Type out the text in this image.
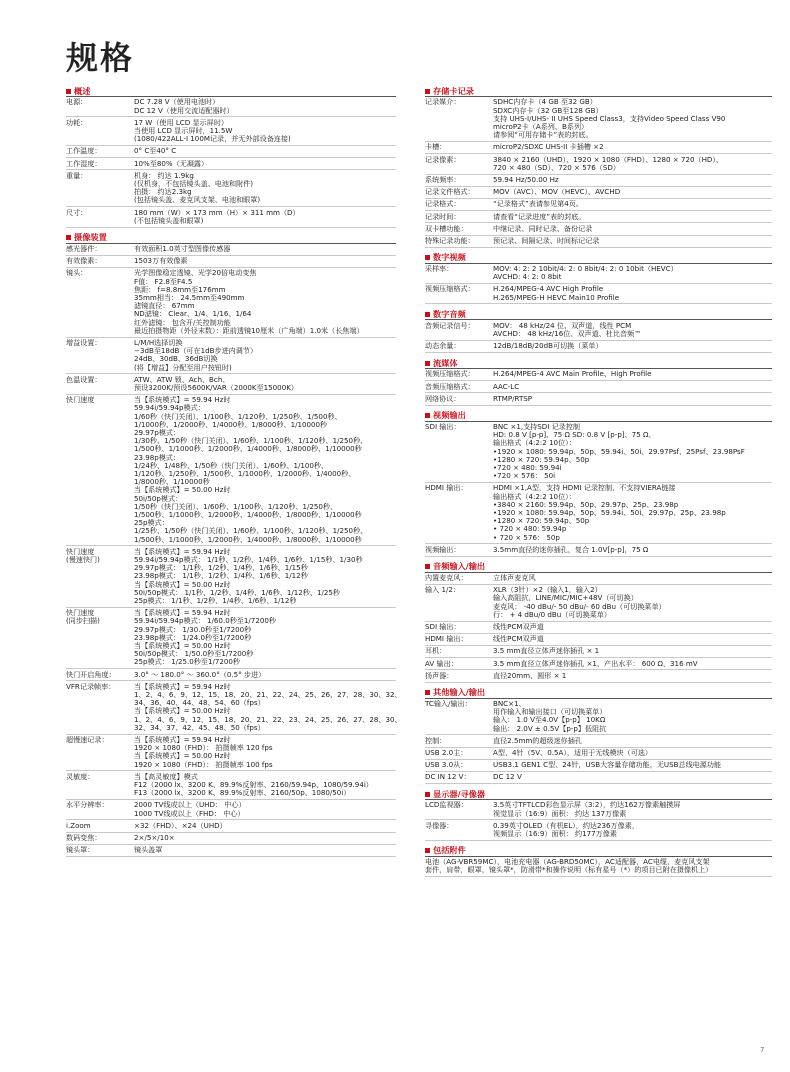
规格
概述
电源：	DC 7.28 V（使用电池时）
DC 12 V（使用交流适配器时）
功耗：	17 W（使用 LCD 显示屏时）
当使用 LCD 显示屏时，11.5W
(1080/422ALL-I 100M记录，并无外部设备连接)
工作温度：	0° C至40° C
工作湿度：	10%至80%（无凝露）
重量：	机身： 约达 1.9kg
(仅机身，不包括镜头盖、电池和附件)
拍摄： 约达2.3kg
(包括镜头盖、麦克风支架、电池和眼罩)
尺寸：	180 mm（W）× 173 mm（H）× 311 mm（D）
(不包括镜头盖和眼罩)
摄像装置
感光器件：	有效面积1.0英寸型图像传感器
有效像素：	1503万有效像素
镜头：	光学图像稳定透镜、光学20倍电动变焦
F值： F2.8至F4.5
焦距： f=8.8mm至176mm
35mm相当： 24.5mm至490mm
滤镜直径： 67mm
ND滤镜： Clear、1/4、1/16、1/64
红外滤镜： 包含开/关控制功能
最近拍摄物距（外径末数）：距前透镜10厘米（广角端）1.0米（长焦端）
增益设置：	L/M/H选择切换
−3dB至18dB（可在1dB步进内调节）
24dB、30dB、36dB切换
(将【增益】分配至用户按钮时)
色温设置：	ATW、ATW 锁、Ach、Bch、
预设3200K/预设5600K/VAR（2000K至15000K）
快门速度	当【系统模式】= 59.94 Hz时
59.94i/59.94p模式：
1/60秒（快门关闭）、1/100秒、1/120秒、1/250秒、1/500秒、
1/1000秒、1/2000秒、1/4000秒、1/8000秒、1/10000秒
29.97p模式：
1/30秒、1/50秒（快门关闭）、1/60秒、1/100秒、1/120秒、1/250秒、
1/500秒、1/1000秒、1/2000秒、1/4000秒、1/8000秒、1/10000秒
23.98p模式：
1/24秒、1/48秒、1/50秒（快门关闭）、1/60秒、1/100秒、
1/120秒、1/250秒、1/500秒、1/1000秒、1/2000秒、1/4000秒、
1/8000秒、1/10000秒
当【系统模式】= 50.00 Hz时
50i/50p模式：
1/50秒（快门关闭）、1/60秒、1/100秒、1/120秒、1/250秒、
1/500秒、1/1000秒、1/2000秒、1/4000秒、1/8000秒、1/10000秒
25p模式：
1/25秒、1/50秒（快门关闭）、1/60秒、1/100秒、1/120秒、1/250秒、
1/500秒、1/1000秒、1/2000秒、1/4000秒、1/8000秒、1/10000秒
快门速度
(慢速快门)
当【系统模式】= 59.94 Hz时
59.94i/59.94p模式： 1/1秒、1/2秒、1/4秒、1/6秒、1/15秒、1/30秒
29.97p模式： 1/1秒、1/2秒、1/4秒、1/6秒、1/15秒
23.98p模式： 1/1秒、1/2秒、1/4秒、1/6秒、1/12秒
当【系统模式】= 50.00 Hz时
50i/50p模式： 1/1秒、1/2秒、1/4秒、1/6秒、1/12秒、1/25秒
25p模式： 1/1秒、1/2秒、1/4秒、1/6秒、1/12秒
快门速度
(同步扫描)
当【系统模式】= 59.94 Hz时
59.94i/59.94p模式： 1/60.0秒至1/7200秒
29.97p模式： 1/30.0秒至1/7200秒
23.98p模式： 1/24.0秒至1/7200秒
当【系统模式】= 50.00 Hz时
50i/50p模式： 1/50.0秒至1/7200秒
25p模式： 1/25.0秒至1/7200秒
快门开启角度：	3.0° ～ 180.0° ～ 360.0°（0.5° 步进）
VFR记录帧率：	当【系统模式】= 59.94 Hz时
1、2、4、6、9、12、15、18、20、21、22、24、25、26、27、28、30、32、
34、36、40、44、48、54、60（fps）
当【系统模式】= 50.00 Hz时
1、2、4、6、9、12、15、18、20、21、22、23、24、25、26、27、28、30、
32、34、37、42、45、48、50（fps）
超慢速记录：	当【系统模式】= 59.94 Hz时
1920 × 1080（FHD）： 拍摄帧率 120 fps
当【系统模式】= 50.00 Hz时
1920 × 1080（FHD）： 拍摄帧率 100 fps
灵敏度：	当【高灵敏度】模式
F12（2000 lx、3200 K、89.9%反射率、2160/59.94p、1080/59.94i）
F13（2000 lx、3200 K、89.9%反射率、2160/50p、1080/50i）
水平分辨率：	2000 TV线或以上（UHD： 中心）
1000 TV线或以上（FHD： 中心）
i.Zoom	×32（FHD）、×24（UHD）
数码变焦：	2×/5×/10×
镜头罩：	镜头盖罩
存储卡记录
记录媒介：	SDHC内存卡（4 GB 至32 GB）
SDXC内存卡（32 GB至128 GB）
支持 UHS-I/UHS- II UHS Speed Class3，支持Video Speed Class V90
microP2卡（A系列、B系列）
请参阅“可用存储卡”表的封底。
卡槽：	microP2/SDXC UHS-II 卡插槽 ×2
记录像素：	3840 × 2160（UHD）、1920 × 1080（FHD）、1280 × 720（HD）、
720 × 480（SD）、720 × 576（SD）
系统频率：	59.94 Hz/50.00 Hz
记录文件格式：	MOV（AVC）、MOV（HEVC）、AVCHD
记录格式：	“记录格式”表请参见第4页。
记录时间：	请查看“记录进度”表的封底。
双卡槽功能：	中继记录、同时记录、备份记录
特殊记录功能：	预记录、间隔记录、时间标记记录
数字视频
采样率：	MOV: 4: 2: 2 10bit/4: 2: 0 8bit/4: 2: 0 10bit（HEVC）
AVCHD: 4: 2: 0 8bit
视频压缩格式：	H.264/MPEG-4 AVC High Profile
H.265/MPEG-H HEVC Main10 Profile
数字音频
音频记录信号：	MOV： 48 kHz/24 位、双声道，线性 PCM
AVCHD： 48 kHz/16位、双声道、杜比音频™
动态余量：	12dB/18dB/20dB可切换（菜单）
流媒体
视频压缩格式：	H.264/MPEG-4 AVC Main Profile、High Profile
音频压缩格式：	AAC-LC
网络协议：	RTMP/RTSP
视频输出
SDI 输出：	BNC ×1,支持SDI 记录控制
HD: 0.8 V [p-p]、75 Ω SD: 0.8 V [p-p]、75 Ω、
输出格式（4:2:2 10位）：
•1920 × 1080: 59.94p、50p、59.94i、50i、29.97Psf、25Psf、23.98PsF
•1280 × 720: 59.94p、50p
•720 × 480: 59.94i
•720 × 576： 50i
HDMI 输出：	HDMI ×1,A型，支持 HDMI 记录控制，不支持VIERA链接
输出格式（4:2:2 10位）：
•3840 × 2160: 59.94p、50p、29.97p、25p、23.98p
•1920 × 1080: 59.94p、50p、59.94i、50i、29.97p、25p、23.98p
•1280 × 720: 59.94p、50p
• 720 × 480: 59.94p
• 720 × 576： 50p
视频输出：	3.5mm直径的迷你插孔，复合 1.0V[p-p]，75 Ω
音频输入/输出
内置麦克风：	立体声麦克风
输入 1/2：	XLR（3针）×2（输入1，输入2）
输入高阻抗，LINE/MIC/MIC+48V（可切换）
麦克风： -40 dBu/- 50 dBu/- 60 dBu（可切换菜单）
行： + 4 dBu/0 dBu（可切换菜单）
SDI 输出：	线性PCM双声道
HDMI 输出：	线性PCM双声道
耳机：	3.5 mm直径立体声迷你插孔 × 1
AV 输出：	3.5 mm直径立体声迷你插孔 ×1、产出水平： 600 Ω，316 mV
扬声器：	直径20mm、圆形 × 1
其他输入/输出
TC输入/输出：	BNC×1、
用作输入和输出接口（可切换菜单）
输入： 1.0 V至4.0V【p-p】 10KΩ
输出： 2.0V ± 0.5V【p-p】低阻抗
控制：	直径2.5mm的超级迷你插孔
USB 2.0主：	A型、4针（5V、0.5A），适用于无线模块（可选）
USB 3.0从：	USB3.1 GEN1 C型、24针，USB大容量存储功能，无USB总线电源功能
DC IN 12 V：	DC 12 V
显示器/寻像器
LCD监视器：	3.5英寸TFTLCD彩色显示屏（3:2），约达162万像素触摸屏
视觉显示（16:9）面积： 约达 137万像素
寻像器：	0.39英寸OLED（有机EL），约达236万像素，
视频显示（16:9）面积： 约177万像素
包括附件
电池（AG-VBR59MC），电池充电器（AG-BRD50MC），AC适配器，AC电缆，麦克风支架
套件，肩带，眼罩，镜头罩*，防滑带*和操作说明（标有星号（*）的项目已附在摄像机上）
7
